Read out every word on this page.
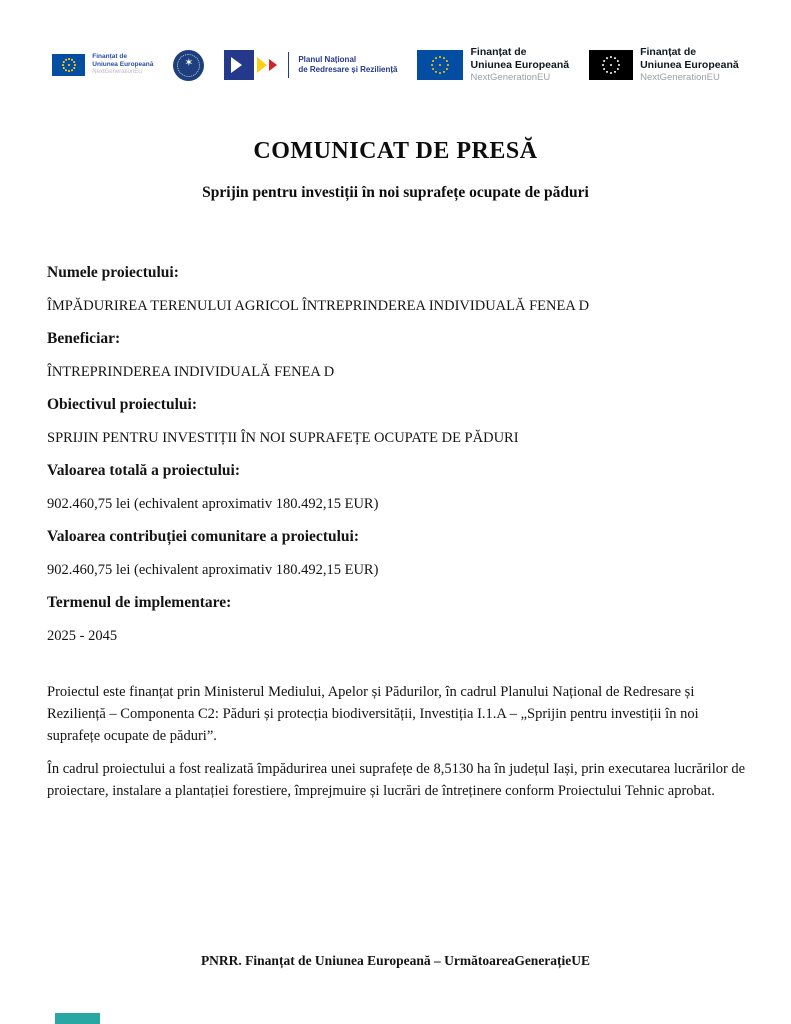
Finanțat de
Uniunea Europeană
NextGenerationEU
✶	Planul Național
de Redresare și Reziliență
Finanțat de
Uniunea Europeană
NextGenerationEU
Finanțat de
Uniunea Europeană
NextGenerationEU
COMUNICAT DE PRESĂ
Sprijin pentru investiții în noi suprafețe ocupate de păduri

Numele proiectului:

ÎMPĂDURIREA TERENULUI AGRICOL ÎNTREPRINDEREA INDIVIDUALĂ FENEA D

Beneficiar:

ÎNTREPRINDEREA INDIVIDUALĂ FENEA D

Obiectivul proiectului:

SPRIJIN PENTRU INVESTIȚII ÎN NOI SUPRAFEȚE OCUPATE DE PĂDURI

Valoarea totală a proiectului:

902.460,75 lei (echivalent aproximativ 180.492,15 EUR)

Valoarea contribuției comunitare a proiectului:

902.460,75 lei (echivalent aproximativ 180.492,15 EUR)

Termenul de implementare:

2025 - 2045

Proiectul este finanțat prin Ministerul Mediului, Apelor și Pădurilor, în cadrul Planului Național de Redresare și Reziliență – Componenta C2: Păduri și protecția biodiversității, Investiția I.1.A – „Sprijin pentru investiții în noi suprafețe ocupate de păduri”.

În cadrul proiectului a fost realizată împădurirea unei suprafețe de 8,5130 ha în județul Iași, prin executarea lucrărilor de proiectare, instalare a plantației forestiere, împrejmuire și lucrări de întreținere conform Proiectului Tehnic aprobat.

PNRR. Finanțat de Uniunea Europeană – UrmătoareaGenerațieUE
